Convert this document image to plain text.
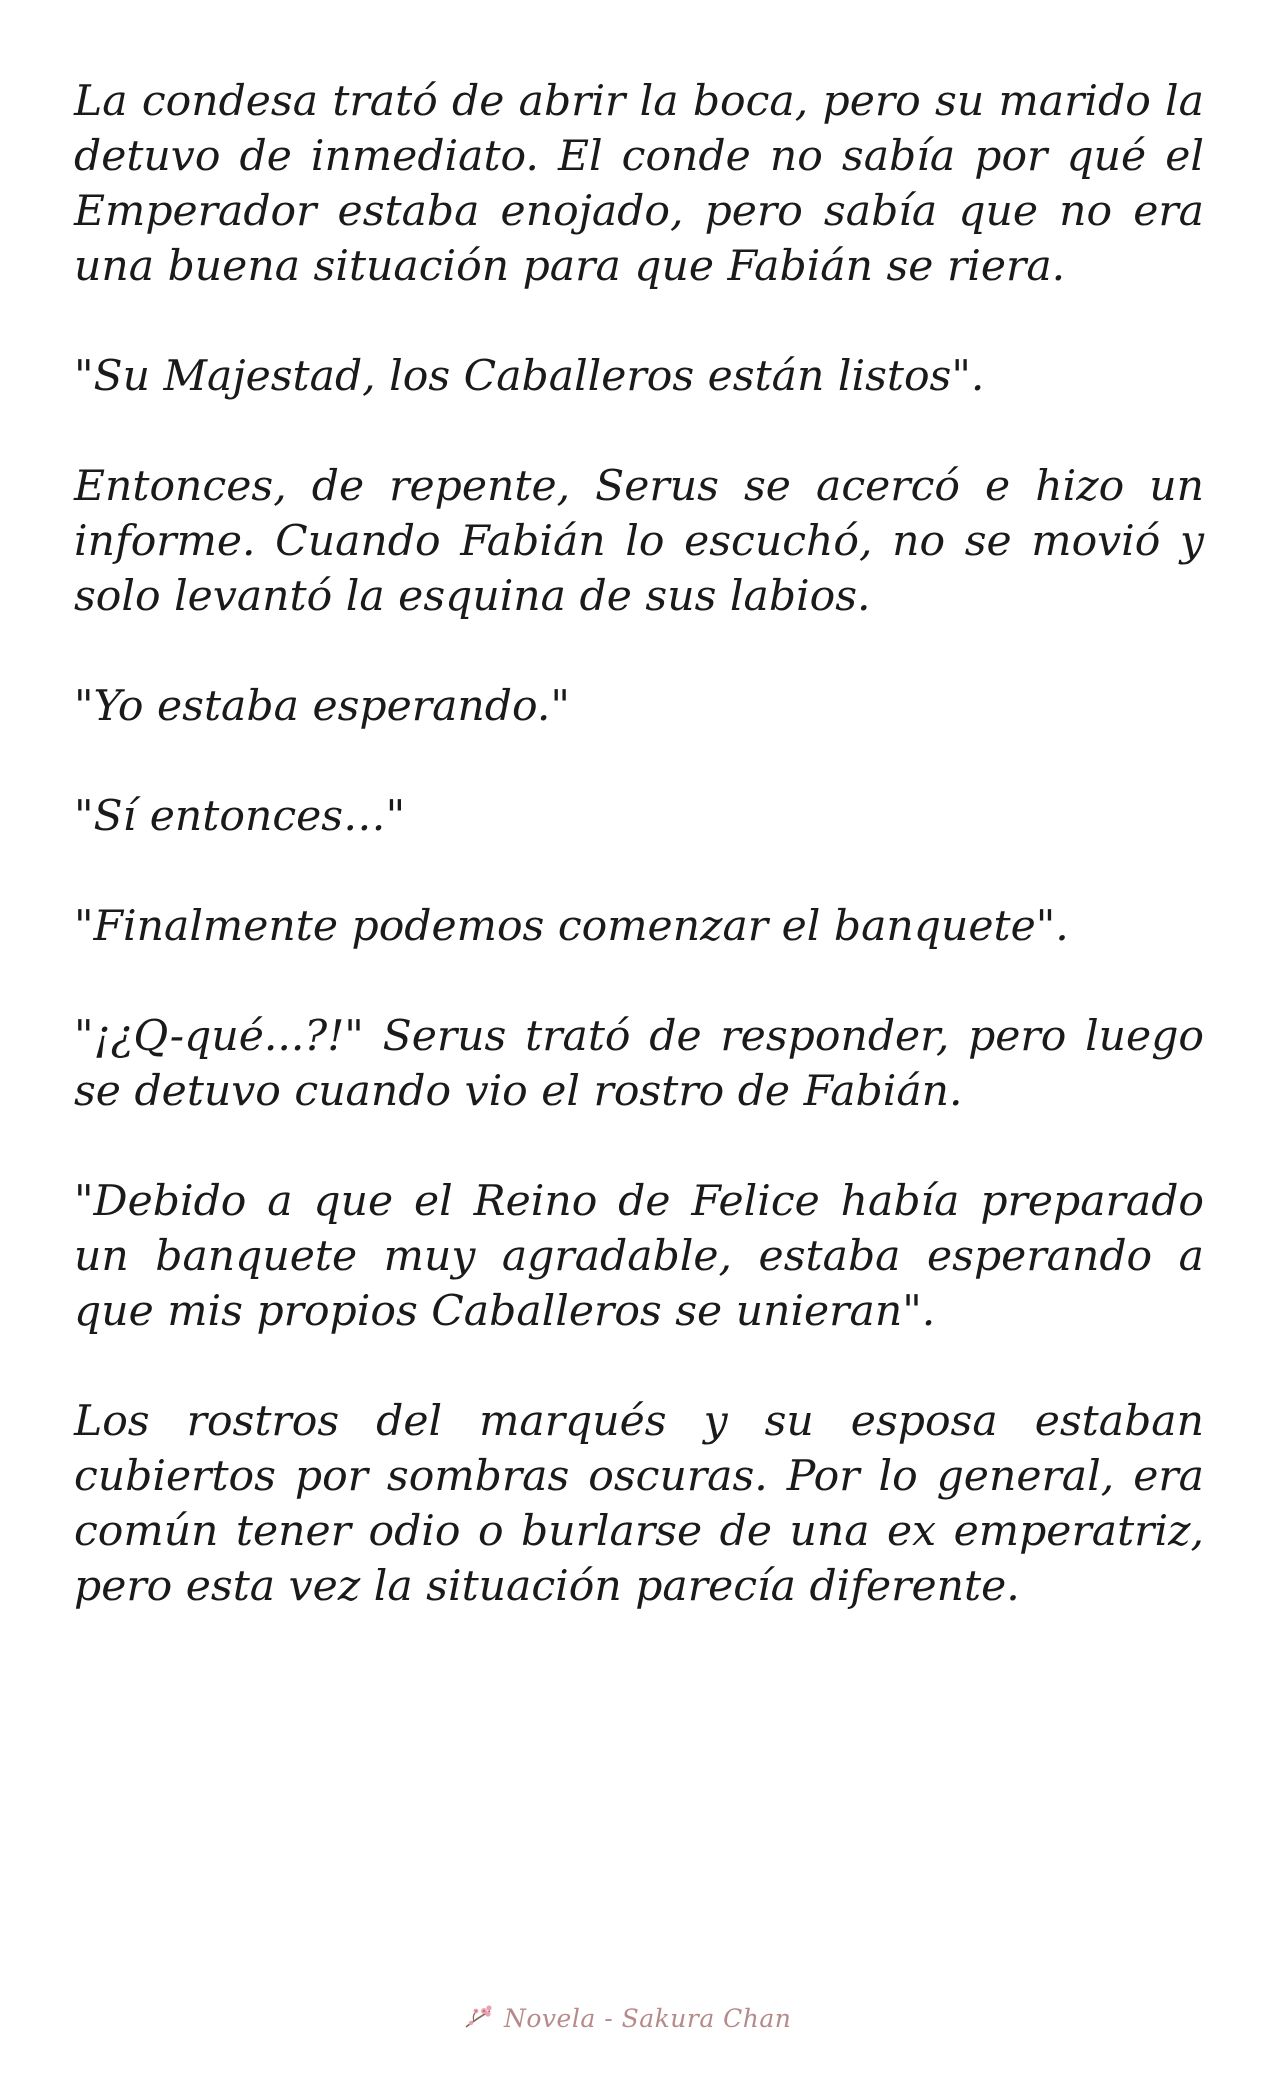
La condesa trató de abrir la boca, pero su marido la detuvo de inmediato. El conde no sabía por qué el Emperador estaba enojado, pero sabía que no era una buena situación para que Fabián se riera.

"Su Majestad, los Caballeros están listos".

Entonces, de repente, Serus se acercó e hizo un informe. Cuando Fabián lo escuchó, no se movió y solo levantó la esquina de sus labios.

"Yo estaba esperando."

"Sí entonces…"

"Finalmente podemos comenzar el banquete".

"¡¿Q-qué...?!" Serus trató de responder, pero luego se detuvo cuando vio el rostro de Fabián.

"Debido a que el Reino de Felice había preparado un banquete muy agradable, estaba esperando a que mis propios Caballeros se unieran".

Los rostros del marqués y su esposa estaban cubiertos por sombras oscuras. Por lo general, era común tener odio o burlarse de una ex emperatriz, pero esta vez la situación parecía diferente.

Novela - Sakura Chan
